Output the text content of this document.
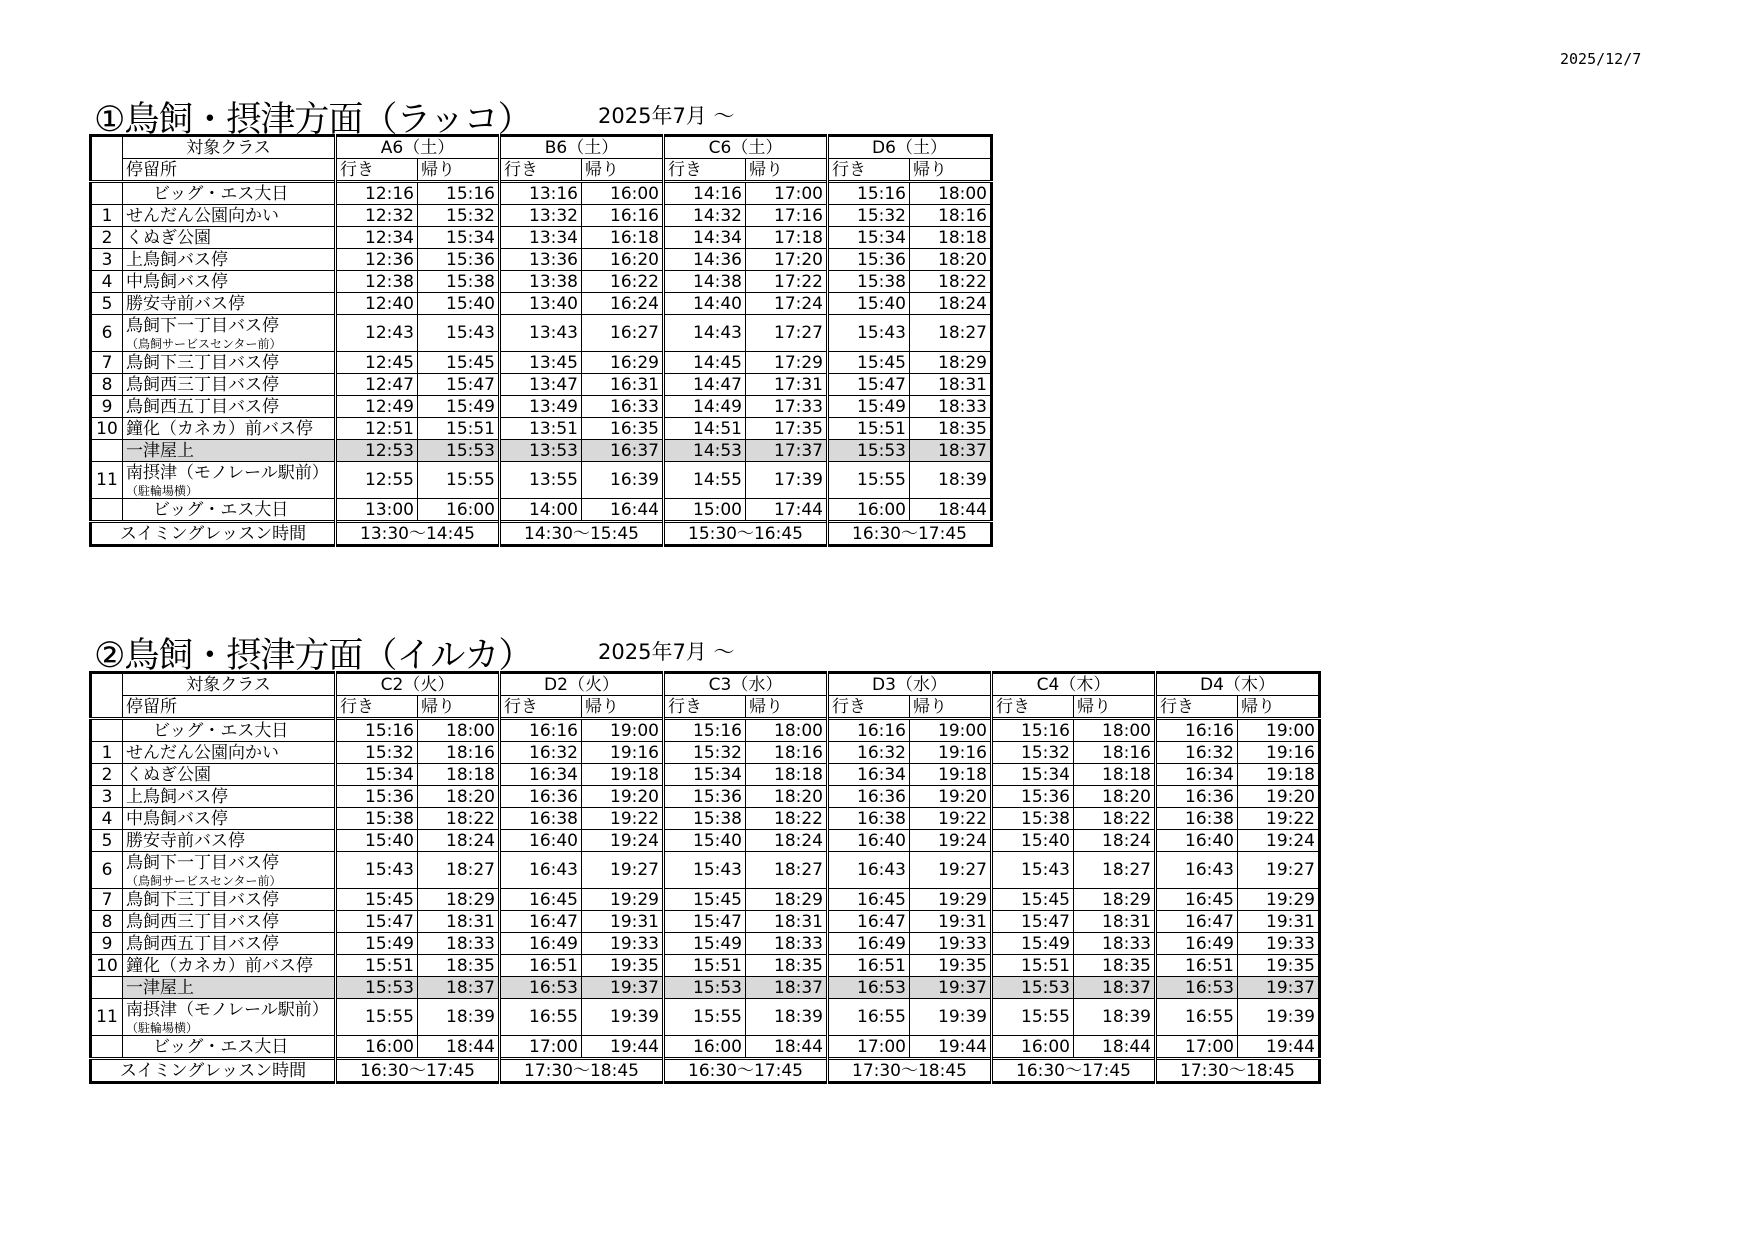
2025/12/7
①鳥飼・摂津方面（ラッコ）	2025年7月 ～
	対象クラス	A6（土）		B6（土）		C6（土）		D6（土）	
	停留所	行き	帰り	行き	帰り	行き	帰り	行き	帰り
	ビッグ・エス大日	12:16	15:16	13:16	16:00	14:16	17:00	15:16	18:00
1	せんだん公園向かい	12:32	15:32	13:32	16:16	14:32	17:16	15:32	18:16
2	くぬぎ公園	12:34	15:34	13:34	16:18	14:34	17:18	15:34	18:18
3	上鳥飼バス停	12:36	15:36	13:36	16:20	14:36	17:20	15:36	18:20
4	中鳥飼バス停	12:38	15:38	13:38	16:22	14:38	17:22	15:38	18:22
5	勝安寺前バス停	12:40	15:40	13:40	16:24	14:40	17:24	15:40	18:24
6	鳥飼下一丁目バス停
（鳥飼サービスセンター前）	12:43	15:43	13:43	16:27	14:43	17:27	15:43	18:27
7	鳥飼下三丁目バス停	12:45	15:45	13:45	16:29	14:45	17:29	15:45	18:29
8	鳥飼西三丁目バス停	12:47	15:47	13:47	16:31	14:47	17:31	15:47	18:31
9	鳥飼西五丁目バス停	12:49	15:49	13:49	16:33	14:49	17:33	15:49	18:33
10	鐘化（カネカ）前バス停	12:51	15:51	13:51	16:35	14:51	17:35	15:51	18:35
	一津屋上	12:53	15:53	13:53	16:37	14:53	17:37	15:53	18:37
11	南摂津（モノレール駅前）
（駐輪場横）	12:55	15:55	13:55	16:39	14:55	17:39	15:55	18:39
	ビッグ・エス大日	13:00	16:00	14:00	16:44	15:00	17:44	16:00	18:44
スイミングレッスン時間		13:30～14:45		14:30～15:45		15:30～16:45		16:30～17:45	
②鳥飼・摂津方面（イルカ）	2025年7月 ～
	対象クラス	C2（火）		D2（火）		C3（水）		D3（水）		C4（木）		D4（木）	
	停留所	行き	帰り	行き	帰り	行き	帰り	行き	帰り	行き	帰り	行き	帰り
	ビッグ・エス大日	15:16	18:00	16:16	19:00	15:16	18:00	16:16	19:00	15:16	18:00	16:16	19:00
1	せんだん公園向かい	15:32	18:16	16:32	19:16	15:32	18:16	16:32	19:16	15:32	18:16	16:32	19:16
2	くぬぎ公園	15:34	18:18	16:34	19:18	15:34	18:18	16:34	19:18	15:34	18:18	16:34	19:18
3	上鳥飼バス停	15:36	18:20	16:36	19:20	15:36	18:20	16:36	19:20	15:36	18:20	16:36	19:20
4	中鳥飼バス停	15:38	18:22	16:38	19:22	15:38	18:22	16:38	19:22	15:38	18:22	16:38	19:22
5	勝安寺前バス停	15:40	18:24	16:40	19:24	15:40	18:24	16:40	19:24	15:40	18:24	16:40	19:24
6	鳥飼下一丁目バス停
（鳥飼サービスセンター前）	15:43	18:27	16:43	19:27	15:43	18:27	16:43	19:27	15:43	18:27	16:43	19:27
7	鳥飼下三丁目バス停	15:45	18:29	16:45	19:29	15:45	18:29	16:45	19:29	15:45	18:29	16:45	19:29
8	鳥飼西三丁目バス停	15:47	18:31	16:47	19:31	15:47	18:31	16:47	19:31	15:47	18:31	16:47	19:31
9	鳥飼西五丁目バス停	15:49	18:33	16:49	19:33	15:49	18:33	16:49	19:33	15:49	18:33	16:49	19:33
10	鐘化（カネカ）前バス停	15:51	18:35	16:51	19:35	15:51	18:35	16:51	19:35	15:51	18:35	16:51	19:35
	一津屋上	15:53	18:37	16:53	19:37	15:53	18:37	16:53	19:37	15:53	18:37	16:53	19:37
11	南摂津（モノレール駅前）
（駐輪場横）	15:55	18:39	16:55	19:39	15:55	18:39	16:55	19:39	15:55	18:39	16:55	19:39
	ビッグ・エス大日	16:00	18:44	17:00	19:44	16:00	18:44	17:00	19:44	16:00	18:44	17:00	19:44
スイミングレッスン時間		16:30～17:45		17:30～18:45		16:30～17:45		17:30～18:45		16:30～17:45		17:30～18:45	
